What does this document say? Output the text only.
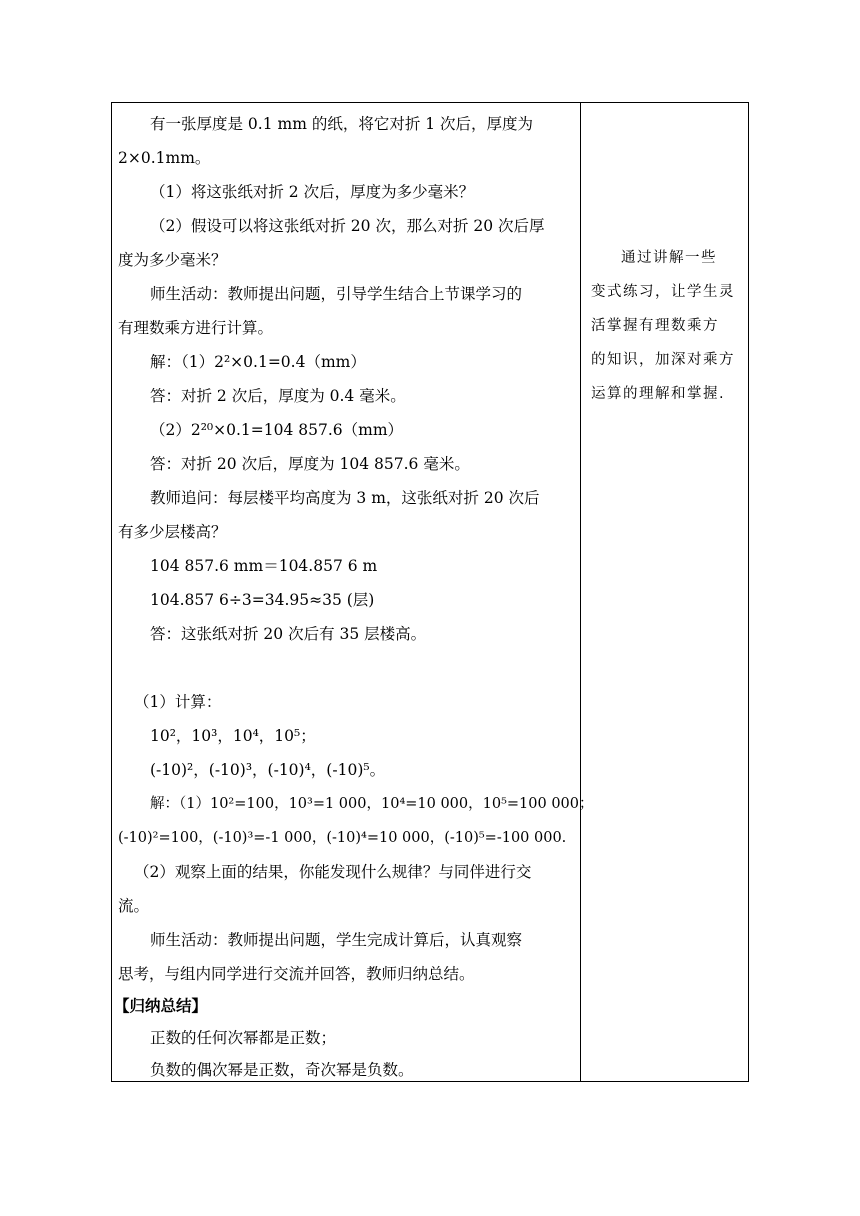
有一张厚度是 0.1 mm 的纸，将它对折 1 次后，厚度为
2×0.1mm。
（1）将这张纸对折 2 次后，厚度为多少毫米？
（2）假设可以将这张纸对折 20 次，那么对折 20 次后厚
度为多少毫米？
师生活动：教师提出问题，引导学生结合上节课学习的
有理数乘方进行计算。
解：（1）2²×0.1=0.4（mm）
答：对折 2 次后，厚度为 0.4 毫米。
（2）2²⁰×0.1=104 857.6（mm）
答：对折 20 次后，厚度为 104 857.6 毫米。
教师追问：每层楼平均高度为 3 m，这张纸对折 20 次后
有多少层楼高？
104 857.6 mm＝104.857 6 m
104.857 6÷3=34.95≈35 (层)
答：这张纸对折 20 次后有 35 层楼高。
（1）计算：
10²，10³，10⁴，10⁵；
(-10)²，(-10)³，(-10)⁴，(-10)⁵。
解：（1）10²=100，10³=1 000，10⁴=10 000，10⁵=100 000；
(-10)²=100，(-10)³=-1 000，(-10)⁴=10 000，(-10)⁵=-100 000.
（2）观察上面的结果，你能发现什么规律？与同伴进行交
流。
师生活动：教师提出问题，学生完成计算后，认真观察
思考，与组内同学进行交流并回答，教师归纳总结。
【归纳总结】
正数的任何次幂都是正数；
负数的偶次幂是正数，奇次幂是负数。
通过讲解一些
变式练习，让学生灵
活掌握有理数乘方
的知识，加深对乘方
运算的理解和掌握.
